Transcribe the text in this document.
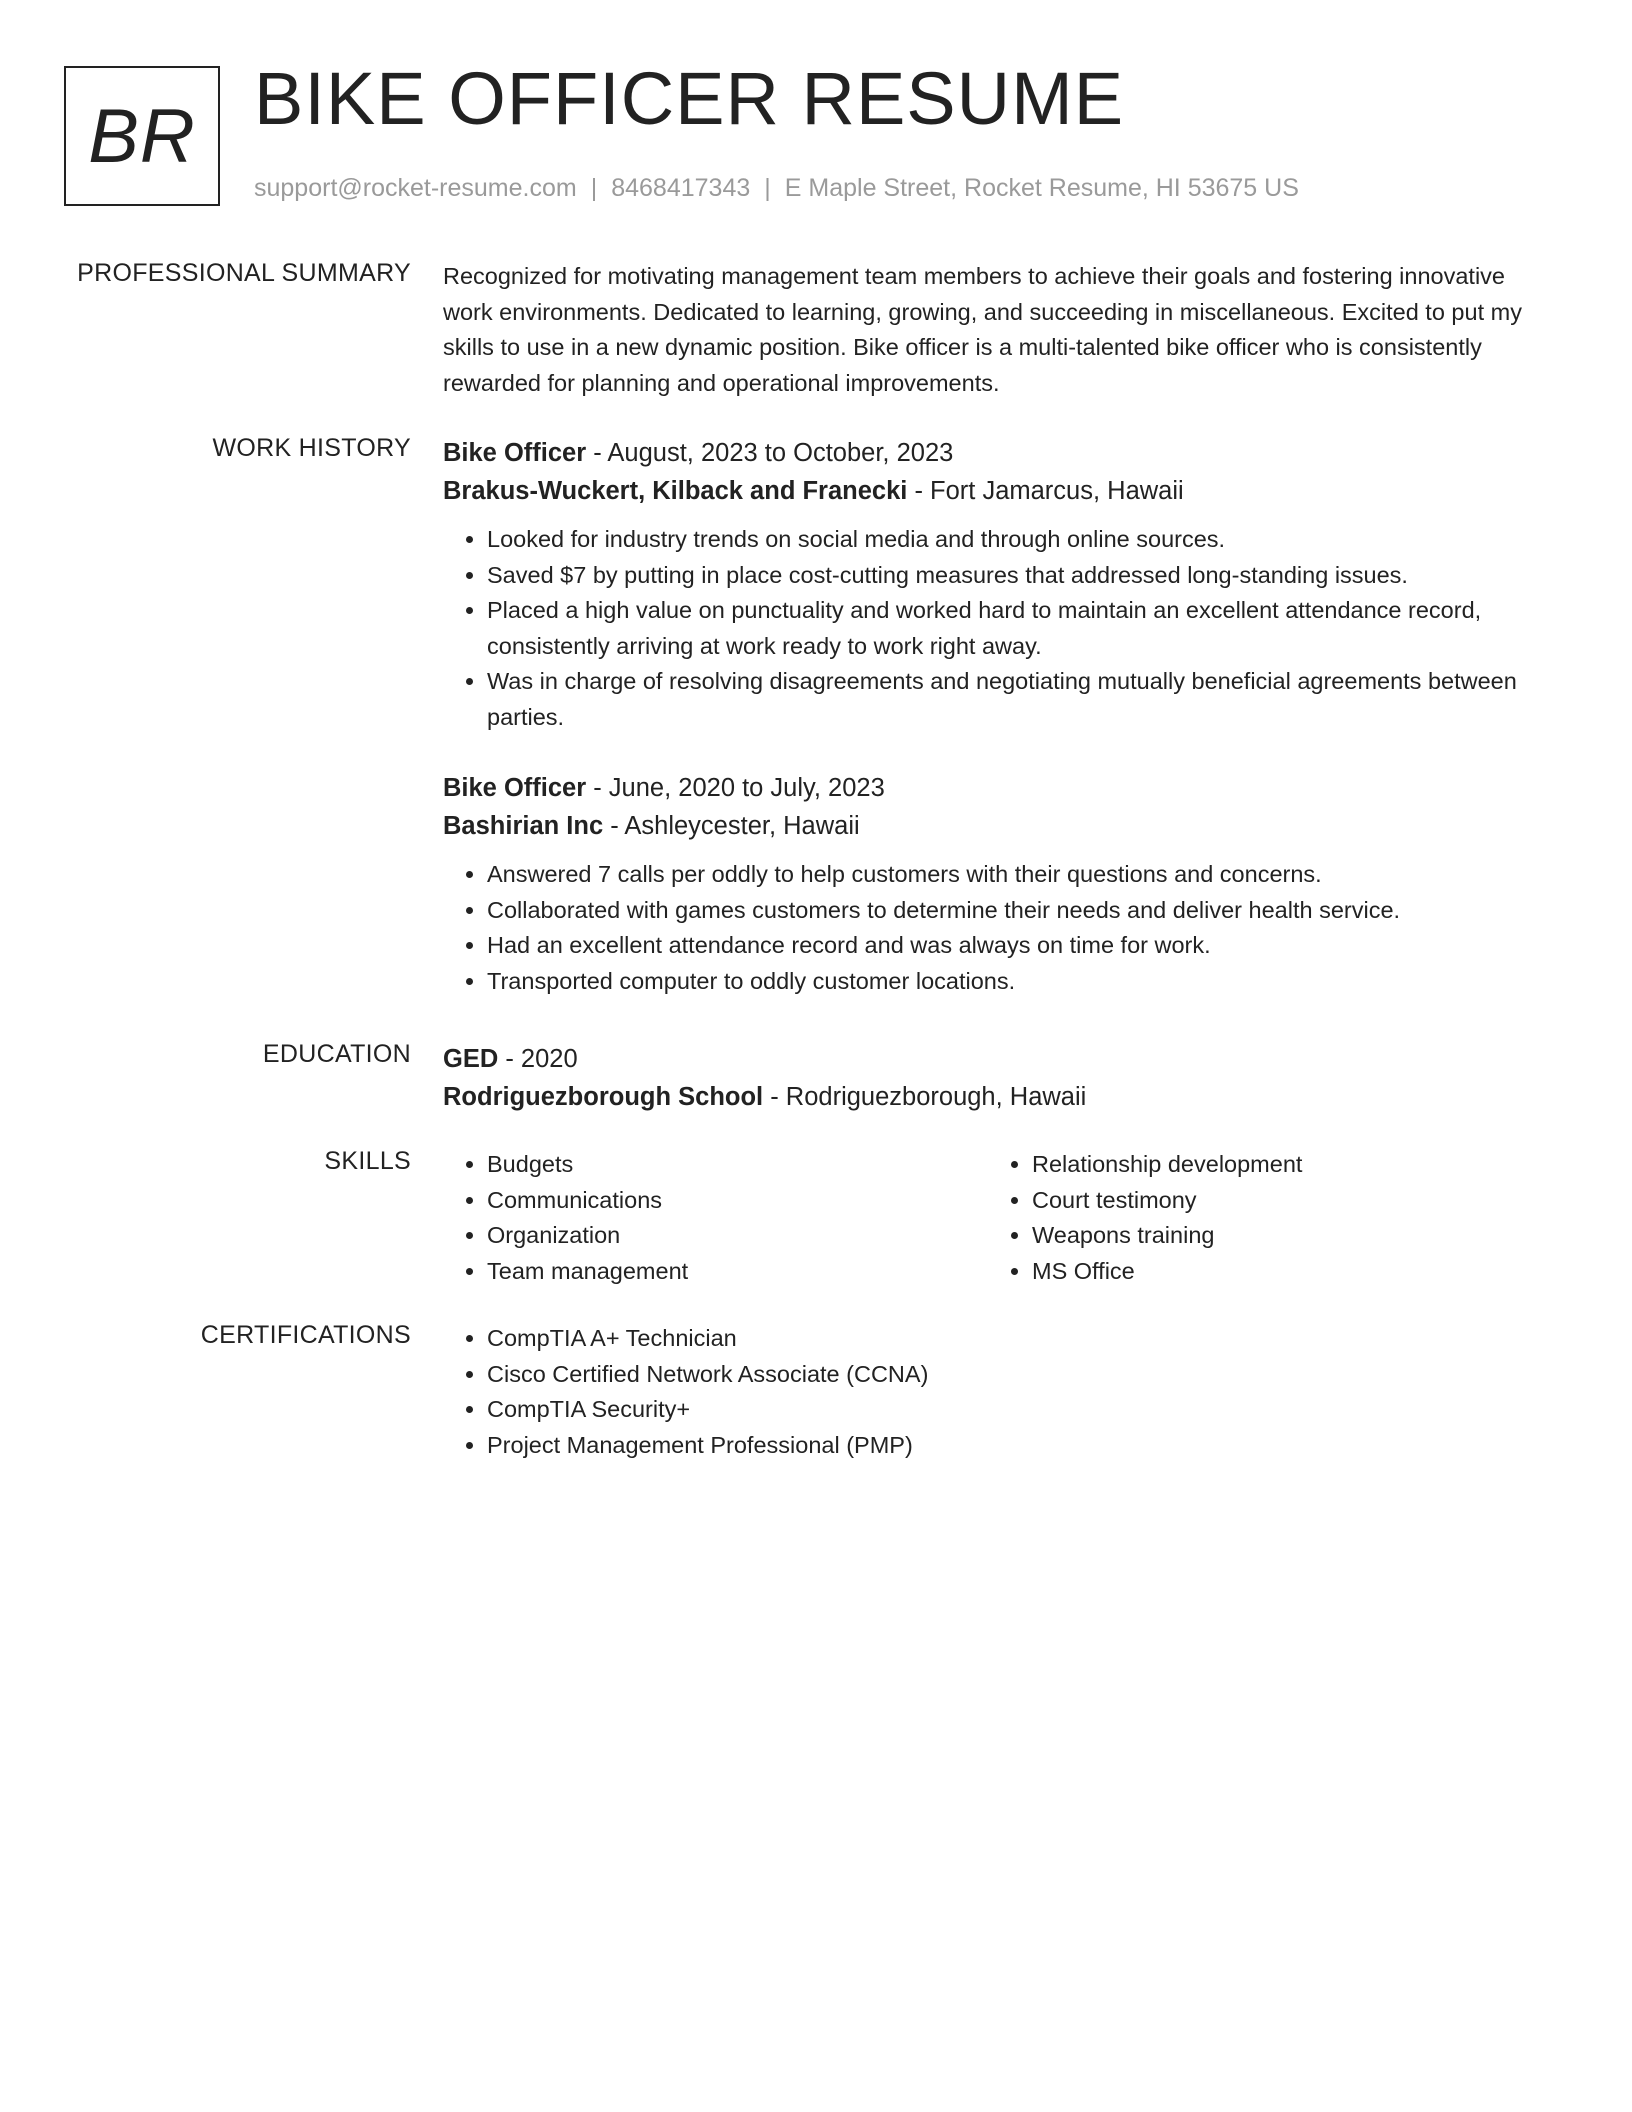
BR BIKE OFFICER RESUME
support@rocket-resume.com | 8468417343 | E Maple Street, Rocket Resume, HI 53675 US
PROFESSIONAL SUMMARY Recognized for motivating management team members to achieve their goals and fostering innovative work environments. Dedicated to learning, growing, and succeeding in miscellaneous. Excited to put my skills to use in a new dynamic position. Bike officer is a multi-talented bike officer who is consistently rewarded for planning and operational improvements.

WORK HISTORY Bike Officer - August, 2023 to October, 2023
Brakus-Wuckert, Kilback and Franecki - Fort Jamarcus, Hawaii
• Looked for industry trends on social media and through online sources.
• Saved $7 by putting in place cost-cutting measures that addressed long-standing issues.
• Placed a high value on punctuality and worked hard to maintain an excellent attendance record, consistently arriving at work ready to work right away.
• Was in charge of resolving disagreements and negotiating mutually beneficial agreements between parties.
Bike Officer - June, 2020 to July, 2023
Bashirian Inc - Ashleycester, Hawaii
• Answered 7 calls per oddly to help customers with their questions and concerns.
• Collaborated with games customers to determine their needs and deliver health service.
• Had an excellent attendance record and was always on time for work.
• Transported computer to oddly customer locations.
EDUCATION GED - 2020
Rodriguezborough School - Rodriguezborough, Hawaii
SKILLS	• Budgets
• Communications
• Organization
• Team management
• Relationship development
• Court testimony
• Weapons training
• MS Office
CERTIFICATIONS	• CompTIA A+ Technician
• Cisco Certified Network Associate (CCNA)
• CompTIA Security+
• Project Management Professional (PMP)
